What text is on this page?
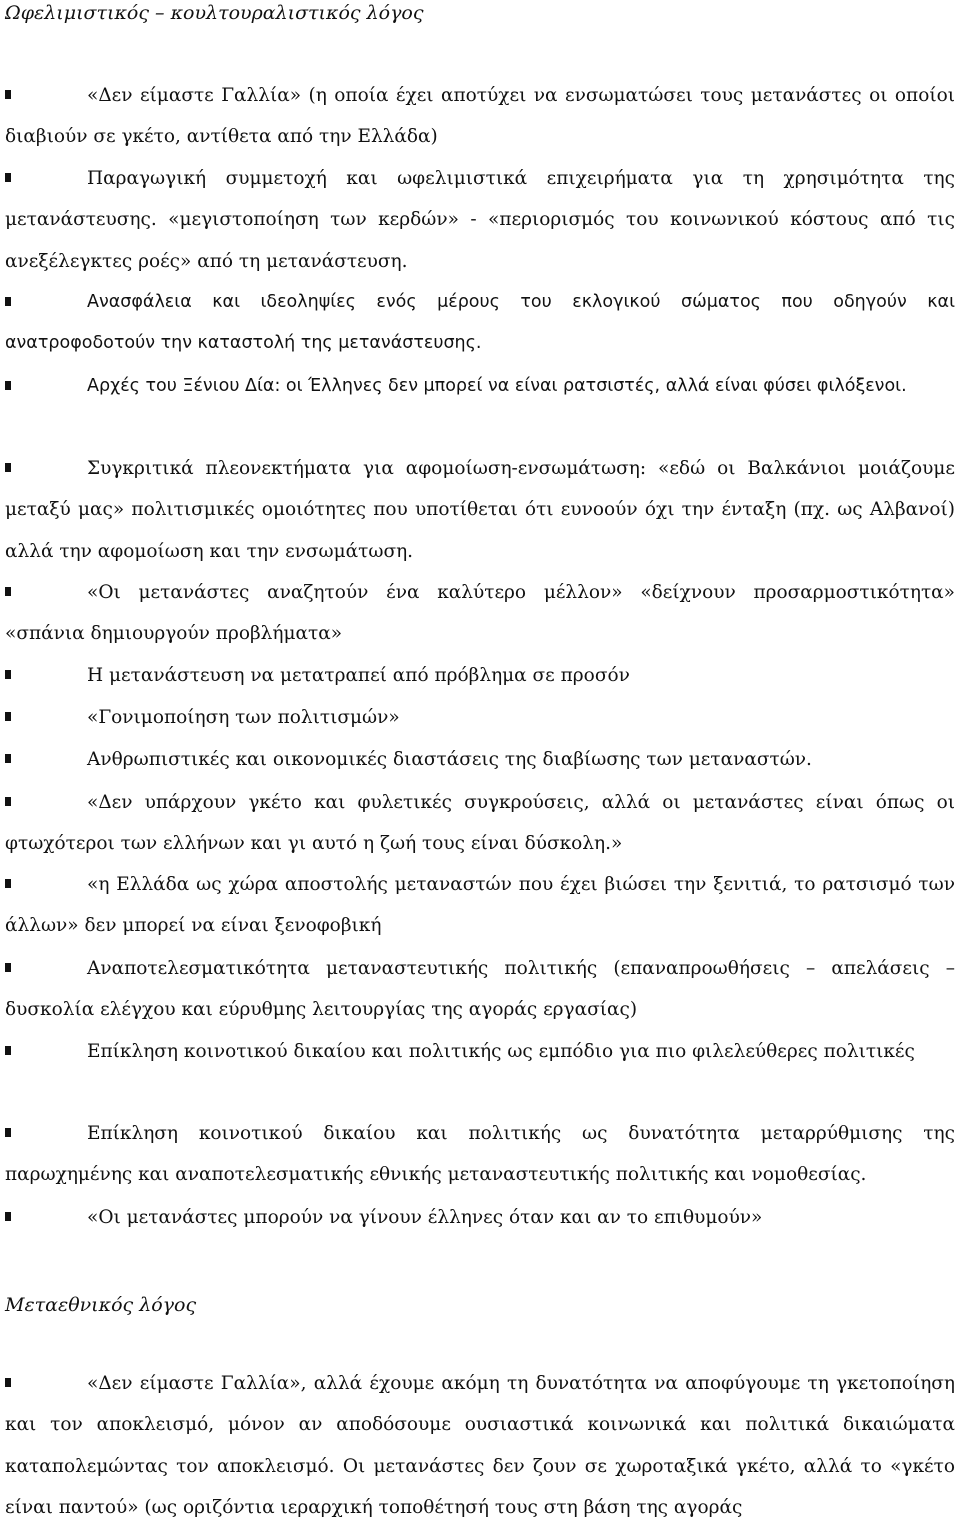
Ωφελιμιστικός – κουλτουραλιστικός λόγος
«Δεν είμαστε Γαλλία» (η οποία έχει αποτύχει να ενσωματώσει τους μετανάστες οι οποίοι διαβιούν σε γκέτο, αντίθετα από την Ελλάδα)
Παραγωγική συμμετοχή και ωφελιμιστικά επιχειρήματα για τη χρησιμότητα της μετανάστευσης. «μεγιστοποίηση των κερδών» - «περιορισμός του κοινωνικού κόστους από τις ανεξέλεγκτες ροές» από τη μετανάστευση.
Ανασφάλεια και ιδεοληψίες ενός μέρους του εκλογικού σώματος που οδηγούν και ανατροφοδοτούν την καταστολή της μετανάστευσης.
Αρχές του Ξένιου Δία: οι Έλληνες δεν μπορεί να είναι ρατσιστές, αλλά είναι φύσει φιλόξενοι.
Συγκριτικά πλεονεκτήματα για αφομοίωση-ενσωμάτωση: «εδώ οι Βαλκάνιοι μοιάζουμε μεταξύ μας» πολιτισμικές ομοιότητες που υποτίθεται ότι ευνοούν όχι την ένταξη (πχ. ως Αλβανοί) αλλά την αφομοίωση και την ενσωμάτωση.
«Οι μετανάστες αναζητούν ένα καλύτερο μέλλον» «δείχνουν προσαρμοστικότητα» «σπάνια δημιουργούν προβλήματα»
Η μετανάστευση να μετατραπεί από πρόβλημα σε προσόν
«Γονιμοποίηση των πολιτισμών»
Ανθρωπιστικές και οικονομικές διαστάσεις της διαβίωσης των μεταναστών.
«Δεν υπάρχουν γκέτο και φυλετικές συγκρούσεις, αλλά οι μετανάστες είναι όπως οι φτωχότεροι των ελλήνων και γι αυτό η ζωή τους είναι δύσκολη.»
«η Ελλάδα ως χώρα αποστολής μεταναστών που έχει βιώσει την ξενιτιά, το ρατσισμό των άλλων» δεν μπορεί να είναι ξενοφοβική
Αναποτελεσματικότητα μεταναστευτικής πολιτικής (επαναπροωθήσεις – απελάσεις – δυσκολία ελέγχου και εύρυθμης λειτουργίας της αγοράς εργασίας)
Επίκληση κοινοτικού δικαίου και πολιτικής ως εμπόδιο για πιο φιλελεύθερες πολιτικές
Επίκληση κοινοτικού δικαίου και πολιτικής ως δυνατότητα μεταρρύθμισης της παρωχημένης και αναποτελεσματικής εθνικής μεταναστευτικής πολιτικής και νομοθεσίας.
«Οι μετανάστες μπορούν να γίνουν έλληνες όταν και αν το επιθυμούν»
Μεταεθνικός λόγος
«Δεν είμαστε Γαλλία», αλλά έχουμε ακόμη τη δυνατότητα να αποφύγουμε τη γκετοποίηση και τον αποκλεισμό, μόνον αν αποδόσουμε ουσιαστικά κοινωνικά και πολιτικά δικαιώματα καταπολεμώντας τον αποκλεισμό. Οι μετανάστες δεν ζουν σε χωροταξικά γκέτο, αλλά το «γκέτο είναι παντού» (ως οριζόντια ιεραρχική τοποθέτησή τους στη βάση της αγοράς
